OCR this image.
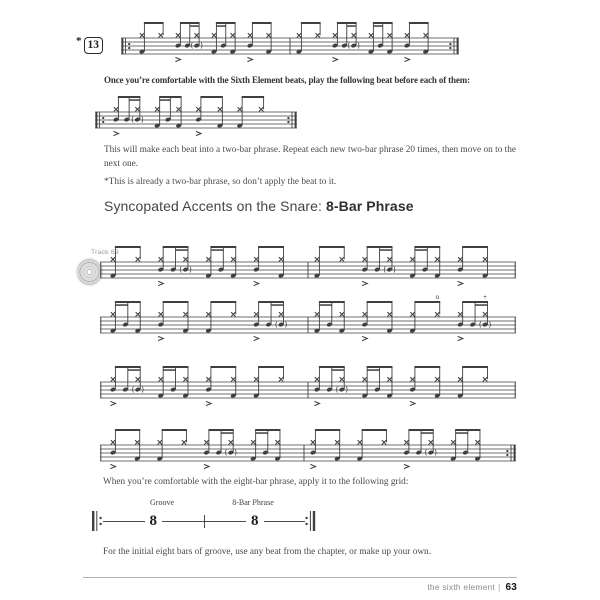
* 13
Once you’re comfortable with the Sixth Element beats, play the following beat before each of them:
This will make each beat into a two-bar phrase. Repeat each new two-bar phrase 20 times, then move on to the next one.
*This is already a two-bar phrase, so don’t apply the beat to it.
Syncopated Accents on the Snare: 8-Bar Phrase
Track 69
o	+
When you’re comfortable with the eight-bar phrase, apply it to the following grid:
Groove	8-Bar Phrase
8	8
For the initial eight bars of groove, use any beat from the chapter, or make up your own.
the sixth element | 63
